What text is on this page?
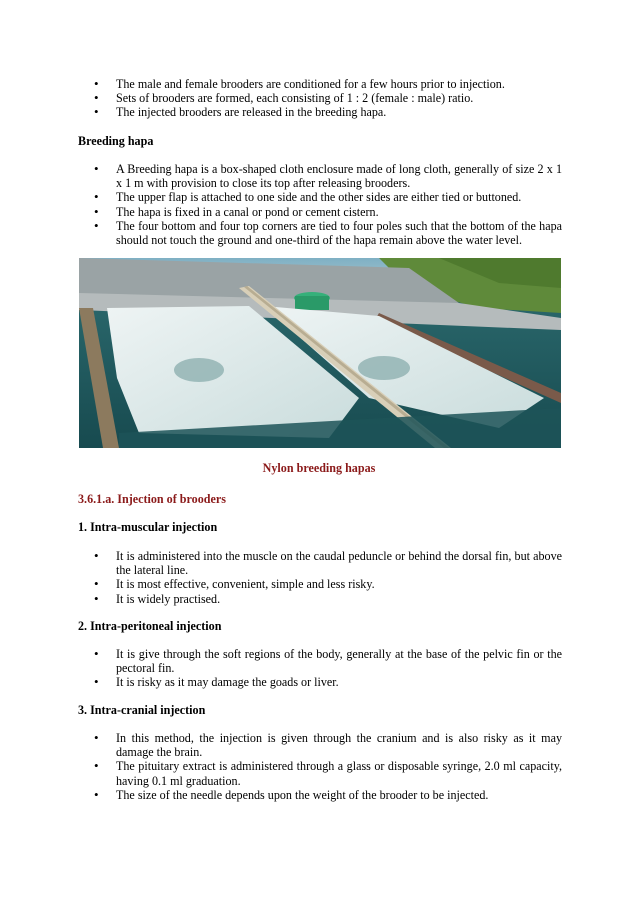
• The male and female brooders are conditioned for a few hours prior to injection.
• Sets of brooders are formed, each consisting of 1 : 2 (female : male) ratio.
• The injected brooders are released in the breeding hapa.
Breeding hapa
• A Breeding hapa is a box-shaped cloth enclosure made of long cloth, generally of size 2 x 1 x 1 m with provision to close its top after releasing brooders.
• The upper flap is attached to one side and the other sides are either tied or buttoned.
• The hapa is fixed in a canal or pond or cement cistern.
• The four bottom and four top corners are tied to four poles such that the bottom of the hapa should not touch the ground and one-third of the hapa remain above the water level.
Nylon breeding hapas
3.6.1.a. Injection of brooders
1. Intra-muscular injection
• It is administered into the muscle on the caudal peduncle or behind the dorsal fin, but above the lateral line.
• It is most effective, convenient, simple and less risky.
• It is widely practised.
2. Intra-peritoneal injection
• It is give through the soft regions of the body, generally at the base of the pelvic fin or the pectoral fin.
• It is risky as it may damage the goads or liver.
3. Intra-cranial injection
• In this method, the injection is given through the cranium and is also risky as it may damage the brain.
• The pituitary extract is administered through a glass or disposable syringe, 2.0 ml capacity, having 0.1 ml graduation.
• The size of the needle depends upon the weight of the brooder to be injected.
